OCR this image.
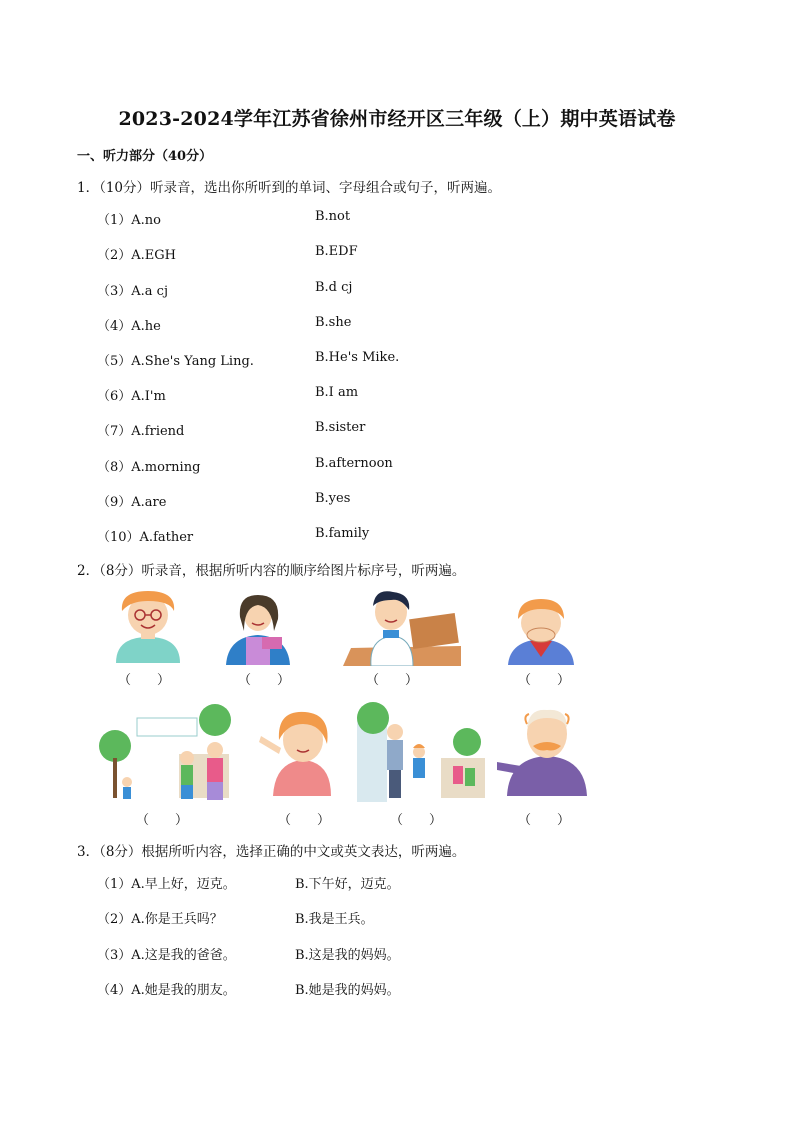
2023-2024学年江苏省徐州市经开区三年级（上）期中英语试卷
一、听力部分（40分）
1．（10分）听录音，选出你所听到的单词、字母组合或句子，听两遍。
（1）A.no	B.not
（2）A.EGH	B.EDF
（3）A.a cj	B.d cj
（4）A.he	B.she
（5）A.She's Yang Ling.	B.He's Mike.
（6）A.I'm	B.I am
（7）A.friend	B.sister
（8）A.morning	B.afternoon
（9）A.are	B.yes
（10）A.father	B.family
2．（8分）听录音，根据所听内容的顺序给图片标序号，听两遍。
（　　）	（　　）	（　　）	（　　）
（　　）	（　　）	（　　）	（　　）
3．（8分）根据所听内容，选择正确的中文或英文表达，听两遍。
（1）A.早上好，迈克。	B.下午好，迈克。
（2）A.你是王兵吗？	B.我是王兵。
（3）A.这是我的爸爸。	B.这是我的妈妈。
（4）A.她是我的朋友。	B.她是我的妈妈。
